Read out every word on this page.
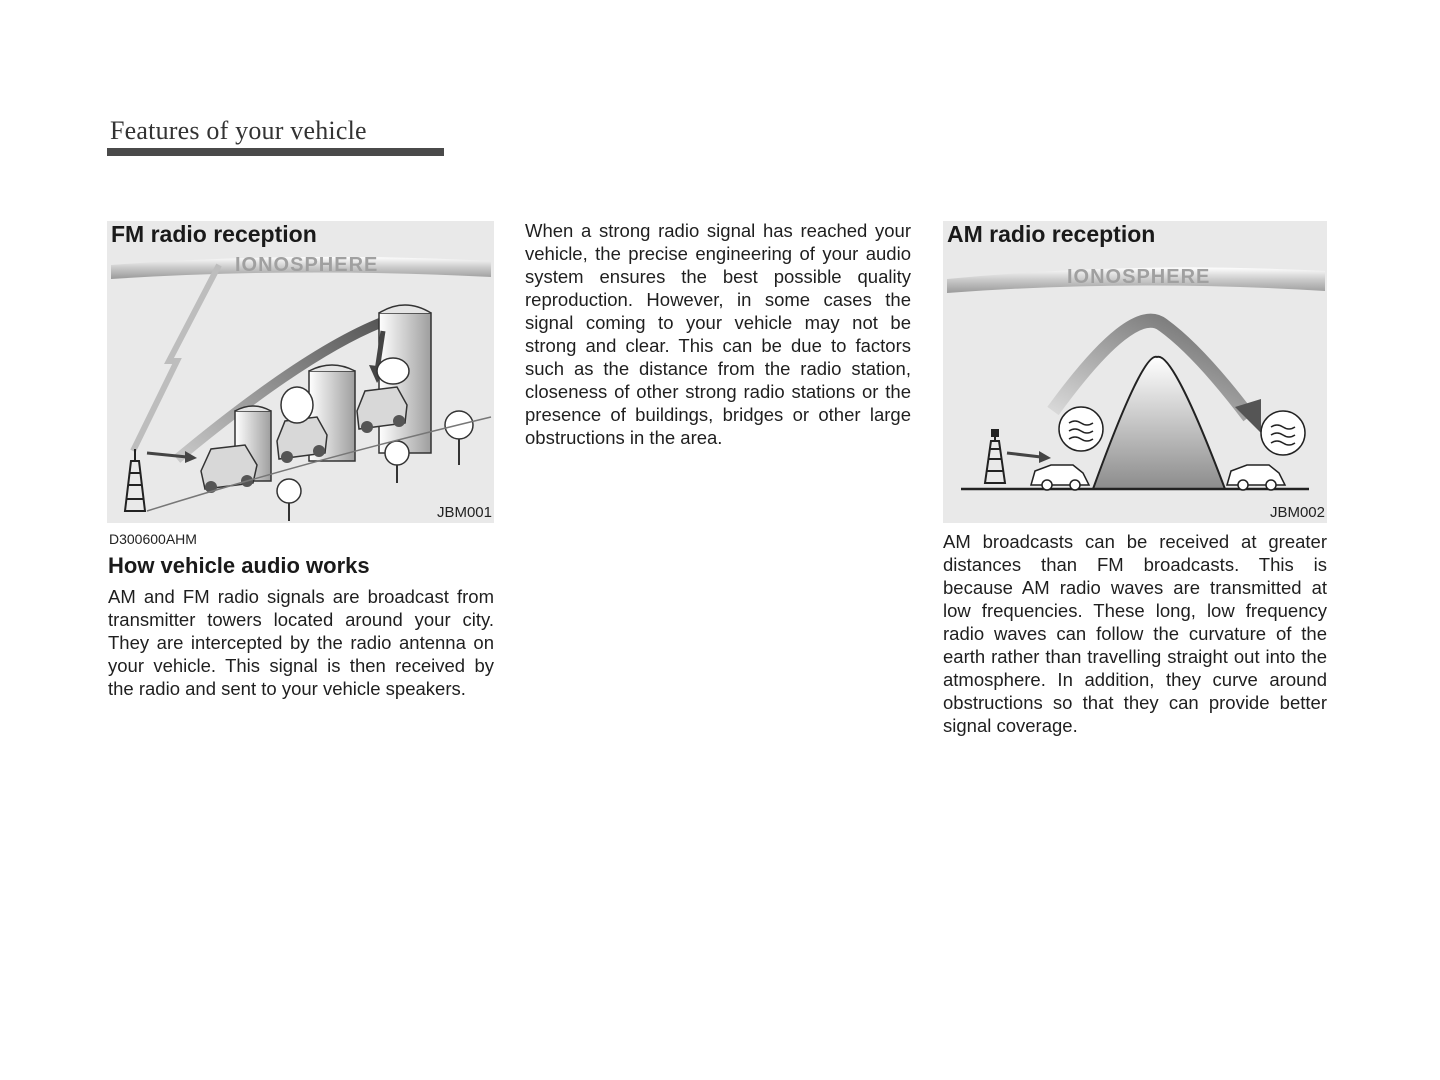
Features of your vehicle
IONOSPHERE
FM radio reception
JBM001
D300600AHM
How vehicle audio works

AM and FM radio signals are broadcast from transmitter towers located around your city. They are intercepted by the radio antenna on your vehicle. This signal is then received by the radio and sent to your vehicle speakers.

When a strong radio signal has reached your vehicle, the precise engineering of your audio system ensures the best possible quality reproduction. However, in some cases the signal coming to your vehicle may not be strong and clear. This can be due to factors such as the distance from the radio station, closeness of other strong radio stations or the presence of buildings, bridges or other large obstructions in the area.

IONOSPHERE
AM radio reception
JBM002

AM broadcasts can be received at greater distances than FM broadcasts. This is because AM radio waves are transmitted at low frequencies. These long, low frequency radio waves can follow the curvature of the earth rather than travelling straight out into the atmosphere. In addition, they curve around obstructions so that they can provide better signal coverage.
